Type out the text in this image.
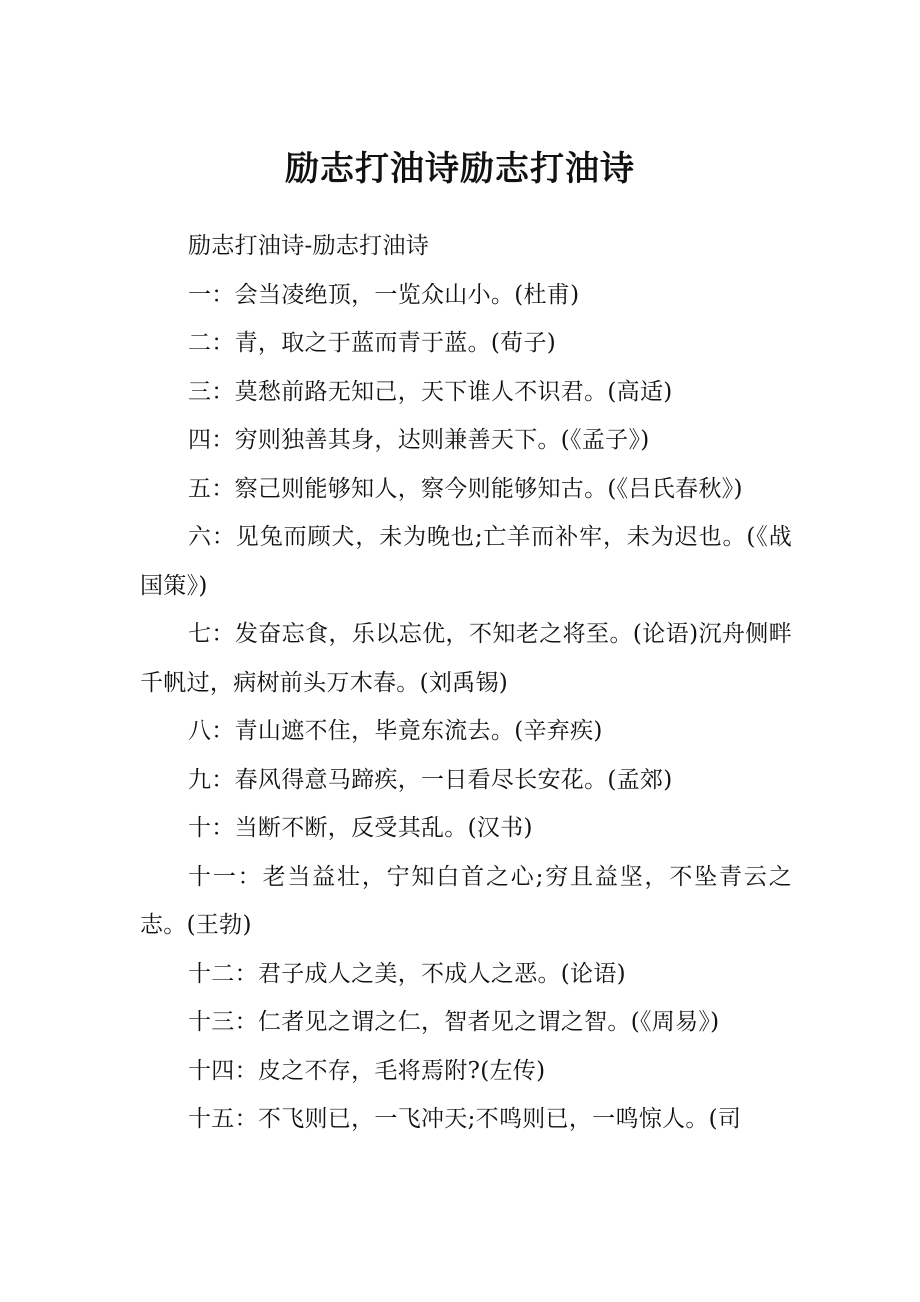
励志打油诗励志打油诗

励志打油诗-励志打油诗

一：会当凌绝顶，一览众山小。(杜甫)

二：青，取之于蓝而青于蓝。(荀子)

三：莫愁前路无知己，天下谁人不识君。(高适)

四：穷则独善其身，达则兼善天下。(《孟子》)

五：察己则能够知人，察今则能够知古。(《吕氏春秋》)

六：见兔而顾犬，未为晚也;亡羊而补牢，未为迟也。(《战国策》)

七：发奋忘食，乐以忘优，不知老之将至。(论语)沉舟侧畔千帆过，病树前头万木春。(刘禹锡)

八：青山遮不住，毕竟东流去。(辛弃疾)

九：春风得意马蹄疾，一日看尽长安花。(孟郊)

十：当断不断，反受其乱。(汉书)

十一：老当益壮，宁知白首之心;穷且益坚，不坠青云之志。(王勃)

十二：君子成人之美，不成人之恶。(论语)

十三：仁者见之谓之仁，智者见之谓之智。(《周易》)

十四：皮之不存，毛将焉附?(左传)

十五：不飞则已，一飞冲天;不鸣则已，一鸣惊人。(司
